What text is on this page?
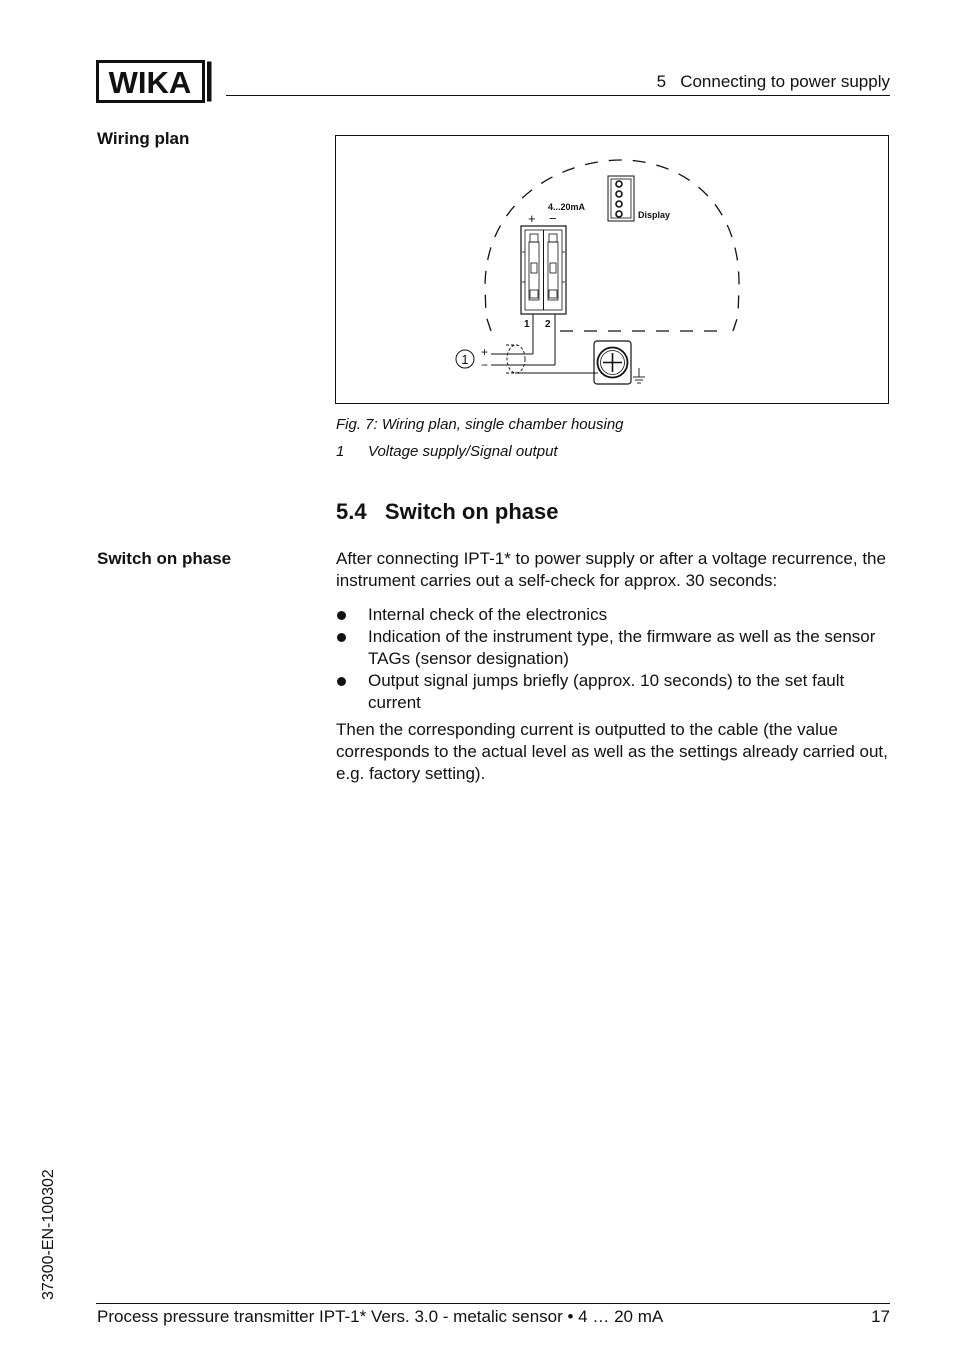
WIKA	5   Connecting to power supply
Wiring plan
4...20mA
+ −
1 2
Display
1 +
−
Fig. 7: Wiring plan, single chamber housing
1 Voltage supply/Signal output
5.4   Switch on phase
Switch on phase	After connecting IPT-1* to power supply or after a voltage recurrence, the instrument carries out a self-check for approx. 30 seconds:
Internal check of the electronics
Indication of the instrument type, the firmware as well as the sensor TAGs (sensor designation)
Output signal jumps briefly (approx. 10 seconds) to the set fault current
Then the corresponding current is outputted to the cable (the value corresponds to the actual level as well as the settings already carried out, e.g. factory setting).
37300-EN-100302
Process pressure transmitter IPT-1* Vers. 3.0 - metalic sensor • 4 … 20 mA	17
